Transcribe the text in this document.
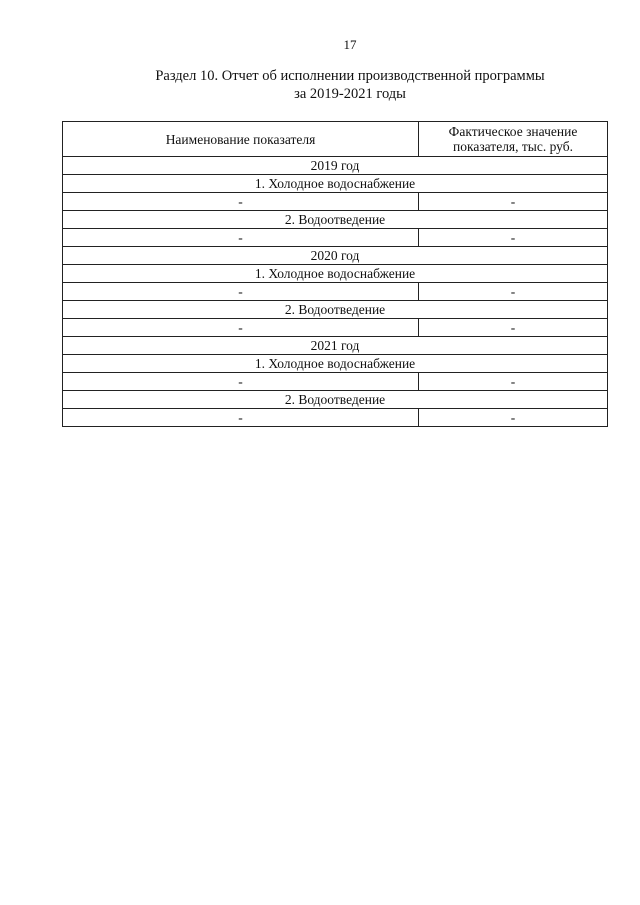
17
Раздел 10. Отчет об исполнении производственной программы
за 2019-2021 годы
Наименование показателя	Фактическое значение показателя, тыс. руб.
2019 год	
1. Холодное водоснабжение	
-	-
2. Водоотведение	
-	-
2020 год	
1. Холодное водоснабжение	
-	-
2. Водоотведение	
-	-
2021 год	
1. Холодное водоснабжение	
-	-
2. Водоотведение	
-	-
